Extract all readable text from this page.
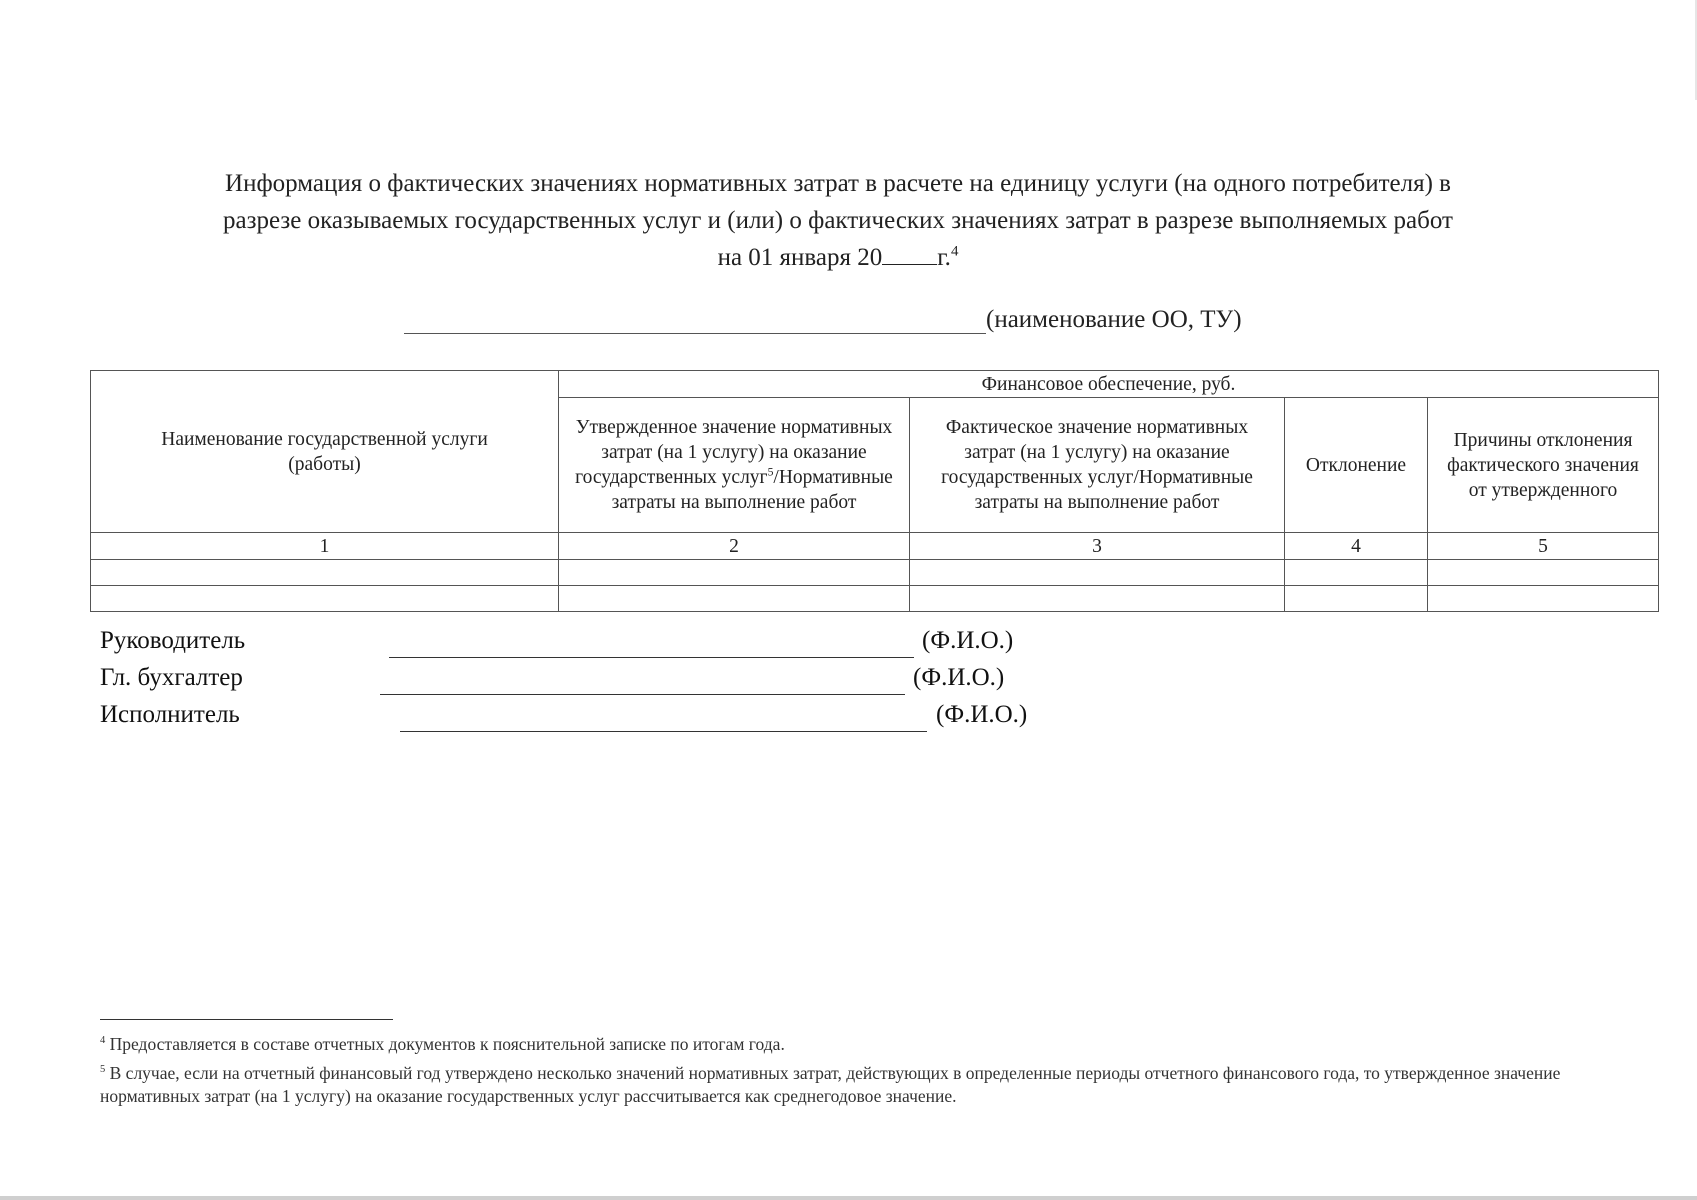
Информация о фактических значениях нормативных затрат в расчете на единицу услуги (на одного потребителя) в
разрезе оказываемых государственных услуг и (или) о фактических значениях затрат в разрезе выполняемых работ
на 01 января 20 г.$^4$
(наименование ОО, ТУ)
Наименование государственной услуги (работы)	Финансовое обеспечение, руб.			
	Утвержденное значение нормативных затрат (на 1 услугу) на оказание государственных услуг$^5$/Нормативные затраты на выполнение работ	Фактическое значение нормативных затрат (на 1 услугу) на оказание государственных услуг/Нормативные затраты на выполнение работ	Отклонение	Причины отклонения фактического значения от утвержденного
1	2	3	4	5

Руководитель	(Ф.И.О.)
Гл. бухгалтер	(Ф.И.О.)
Исполнитель	(Ф.И.О.)

$^4$ Предоставляется в составе отчетных документов к пояснительной записке по итогам года.

$^5$ В случае, если на отчетный финансовый год утверждено несколько значений нормативных затрат, действующих в определенные периоды отчетного финансового года, то утвержденное значение нормативных затрат (на 1 услугу) на оказание государственных услуг рассчитывается как среднегодовое значение.
